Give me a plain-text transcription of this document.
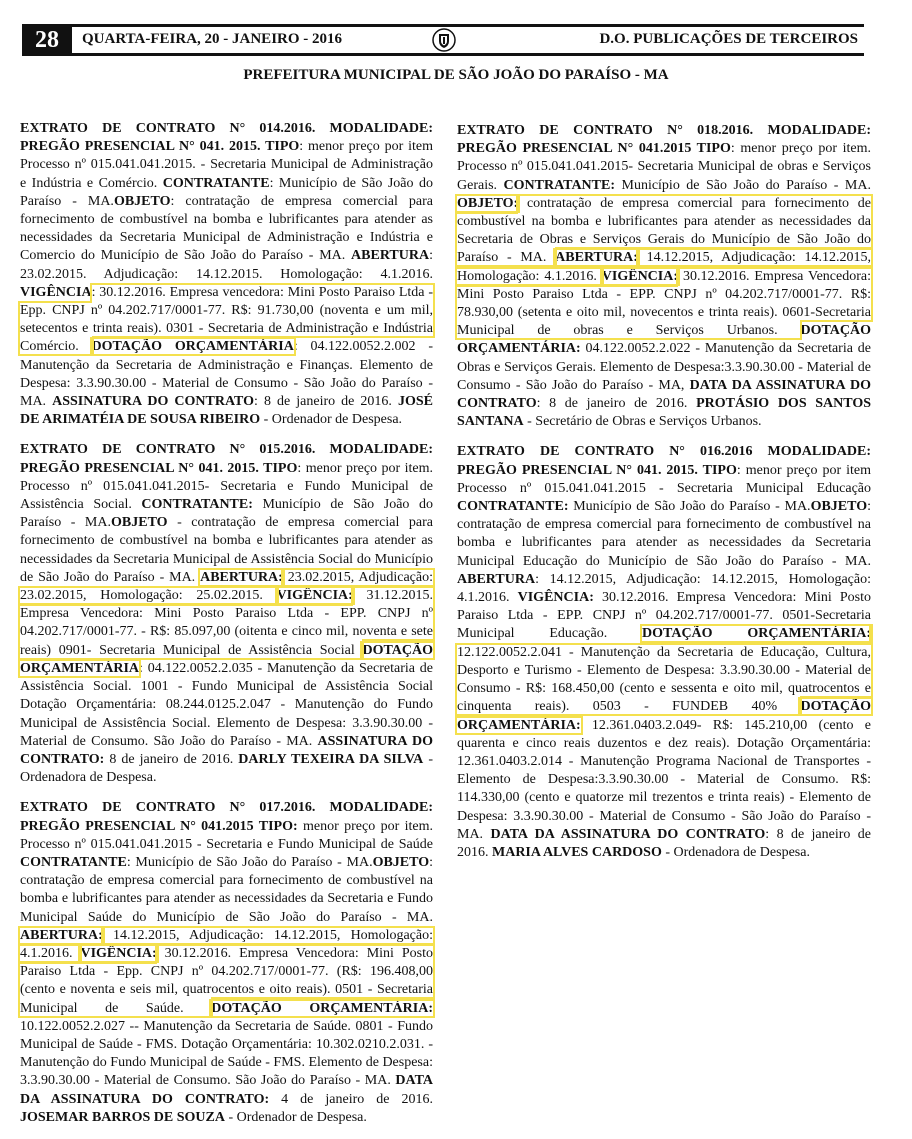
28	QUARTA-FEIRA, 20 - JANEIRO - 2016	D.O. PUBLICAÇÕES DE TERCEIROS
PREFEITURA MUNICIPAL DE SÃO JOÃO DO PARAÍSO - MA

EXTRATO DE CONTRATO N° 014.2016. MODALIDADE: PREGÃO PRESENCIAL N° 041. 2015. TIPO: menor preço por item Processo nº 015.041.041.2015. - Secretaria Municipal de Administração e Indústria e Comércio. CONTRATANTE: Município de São João do Paraíso - MA.OBJETO: contratação de empresa comercial para fornecimento de combustível na bomba e lubrificantes para atender as necessidades da Secretaria Municipal de Administração e Indústria e Comercio do Município de São João do Paraíso - MA. ABERTURA: 23.02.2015. Adjudicação: 14.12.2015. Homologação: 4.1.2016. VIGÊNCIA: 30.12.2016. Empresa vencedora: Mini Posto Paraiso Ltda - Epp. CNPJ nº 04.202.717/0001-77. R$: 91.730,00 (noventa e um mil, setecentos e trinta reais). 0301 - Secretaria de Administração e Indústria Comércio. DOTAÇÃO ORÇAMENTÁRIA: 04.122.0052.2.002 - Manutenção da Secretaria de Administração e Finanças. Elemento de Despesa: 3.3.90.30.00 - Material de Consumo - São João do Paraíso - MA. ASSINATURA DO CONTRATO: 8 de janeiro de 2016. JOSÉ DE ARIMATÉIA DE SOUSA RIBEIRO - Ordenador de Despesa.

EXTRATO DE CONTRATO N° 015.2016. MODALIDADE: PREGÃO PRESENCIAL N° 041. 2015. TIPO: menor preço por item. Processo nº 015.041.041.2015- Secretaria e Fundo Municipal de Assistência Social. CONTRATANTE: Município de São João do Paraíso - MA.OBJETO - contratação de empresa comercial para fornecimento de combustível na bomba e lubrificantes para atender as necessidades da Secretaria Municipal de Assistência Social do Município de São João do Paraíso - MA. ABERTURA: 23.02.2015, Adjudicação: 23.02.2015, Homologação: 25.02.2015. VIGÊNCIA: 31.12.2015. Empresa Vencedora: Mini Posto Paraiso Ltda - EPP. CNPJ nº 04.202.717/0001-77. - R$: 85.097,00 (oitenta e cinco mil, noventa e sete reais) 0901- Secretaria Municipal de Assistência Social DOTAÇÃO ORÇAMENTÁRIA: 04.122.0052.2.035 - Manutenção da Secretaria de Assistência Social. 1001 - Fundo Municipal de Assistência Social Dotação Orçamentária: 08.244.0125.2.047 - Manutenção do Fundo Municipal de Assistência Social. Elemento de Despesa: 3.3.90.30.00 - Material de Consumo. São João do Paraíso - MA. ASSINATURA DO CONTRATO: 8 de janeiro de 2016. DARLY TEXEIRA DA SILVA - Ordenadora de Despesa.

EXTRATO DE CONTRATO N° 017.2016. MODALIDADE: PREGÃO PRESENCIAL N° 041.2015 TIPO: menor preço por item. Processo nº 015.041.041.2015 - Secretaria e Fundo Municipal de Saúde CONTRATANTE: Município de São João do Paraíso - MA.OBJETO: contratação de empresa comercial para fornecimento de combustível na bomba e lubrificantes para atender as necessidades da Secretaria e Fundo Municipal Saúde do Município de São João do Paraíso - MA. ABERTURA: 14.12.2015, Adjudicação: 14.12.2015, Homologação: 4.1.2016. VIGÊNCIA: 30.12.2016. Empresa Vencedora: Mini Posto Paraiso Ltda - Epp. CNPJ nº 04.202.717/0001-77. (R$: 196.408,00 (cento e noventa e seis mil, quatrocentos e oito reais). 0501 - Secretaria Municipal de Saúde. DOTAÇÃO ORÇAMENTÁRIA: 10.122.0052.2.027 -- Manutenção da Secretaria de Saúde. 0801 - Fundo Municipal de Saúde - FMS. Dotação Orçamentária: 10.302.0210.2.031. - Manutenção do Fundo Municipal de Saúde - FMS. Elemento de Despesa: 3.3.90.30.00 - Material de Consumo. São João do Paraíso - MA. DATA DA ASSINATURA DO CONTRATO: 4 de janeiro de 2016. JOSEMAR BARROS DE SOUZA - Ordenador de Despesa.

EXTRATO DE CONTRATO N° 018.2016. MODALIDADE: PREGÃO PRESENCIAL N° 041.2015 TIPO: menor preço por item. Processo nº 015.041.041.2015- Secretaria Municipal de obras e Serviços Gerais. CONTRATANTE: Município de São João do Paraíso - MA. OBJETO: contratação de empresa comercial para fornecimento de combustível na bomba e lubrificantes para atender as necessidades da Secretaria de Obras e Serviços Gerais do Município de São João do Paraíso - MA. ABERTURA: 14.12.2015, Adjudicação: 14.12.2015, Homologação: 4.1.2016. VIGÊNCIA: 30.12.2016. Empresa Vencedora: Mini Posto Paraiso Ltda - EPP. CNPJ nº 04.202.717/0001-77. R$: 78.930,00 (setenta e oito mil, novecentos e trinta reais). 0601-Secretaria Municipal de obras e Serviços Urbanos. DOTAÇÃO ORÇAMENTÁRIA: 04.122.0052.2.022 - Manutenção da Secretaria de Obras e Serviços Gerais. Elemento de Despesa:3.3.90.30.00 - Material de Consumo - São João do Paraíso - MA, DATA DA ASSINATURA DO CONTRATO: 8 de janeiro de 2016. PROTÁSIO DOS SANTOS SANTANA - Secretário de Obras e Serviços Urbanos.

EXTRATO DE CONTRATO N° 016.2016 MODALIDADE: PREGÃO PRESENCIAL N° 041. 2015. TIPO: menor preço por item Processo nº 015.041.041.2015 - Secretaria Municipal Educação CONTRATANTE: Município de São João do Paraíso - MA.OBJETO: contratação de empresa comercial para fornecimento de combustível na bomba e lubrificantes para atender as necessidades da Secretaria Municipal Educação do Município de São João do Paraíso - MA. ABERTURA: 14.12.2015, Adjudicação: 14.12.2015, Homologação: 4.1.2016. VIGÊNCIA: 30.12.2016. Empresa Vencedora: Mini Posto Paraiso Ltda - EPP. CNPJ nº 04.202.717/0001-77. 0501-Secretaria Municipal Educação. DOTAÇÃO ORÇAMENTÁRIA: 12.122.0052.2.041 - Manutenção da Secretaria de Educação, Cultura, Desporto e Turismo - Elemento de Despesa: 3.3.90.30.00 - Material de Consumo - R$: 168.450,00 (cento e sessenta e oito mil, quatrocentos e cinquenta reais). 0503 - FUNDEB 40% DOTAÇÃO ORÇAMENTÁRIA: 12.361.0403.2.049- R$: 145.210,00 (cento e quarenta e cinco reais duzentos e dez reais). Dotação Orçamentária: 12.361.0403.2.014 - Manutenção Programa Nacional de Transportes - Elemento de Despesa:3.3.90.30.00 - Material de Consumo. R$: 114.330,00 (cento e quatorze mil trezentos e trinta reais) - Elemento de Despesa: 3.3.90.30.00 - Material de Consumo - São João do Paraíso - MA. DATA DA ASSINATURA DO CONTRATO: 8 de janeiro de 2016. MARIA ALVES CARDOSO - Ordenadora de Despesa.
